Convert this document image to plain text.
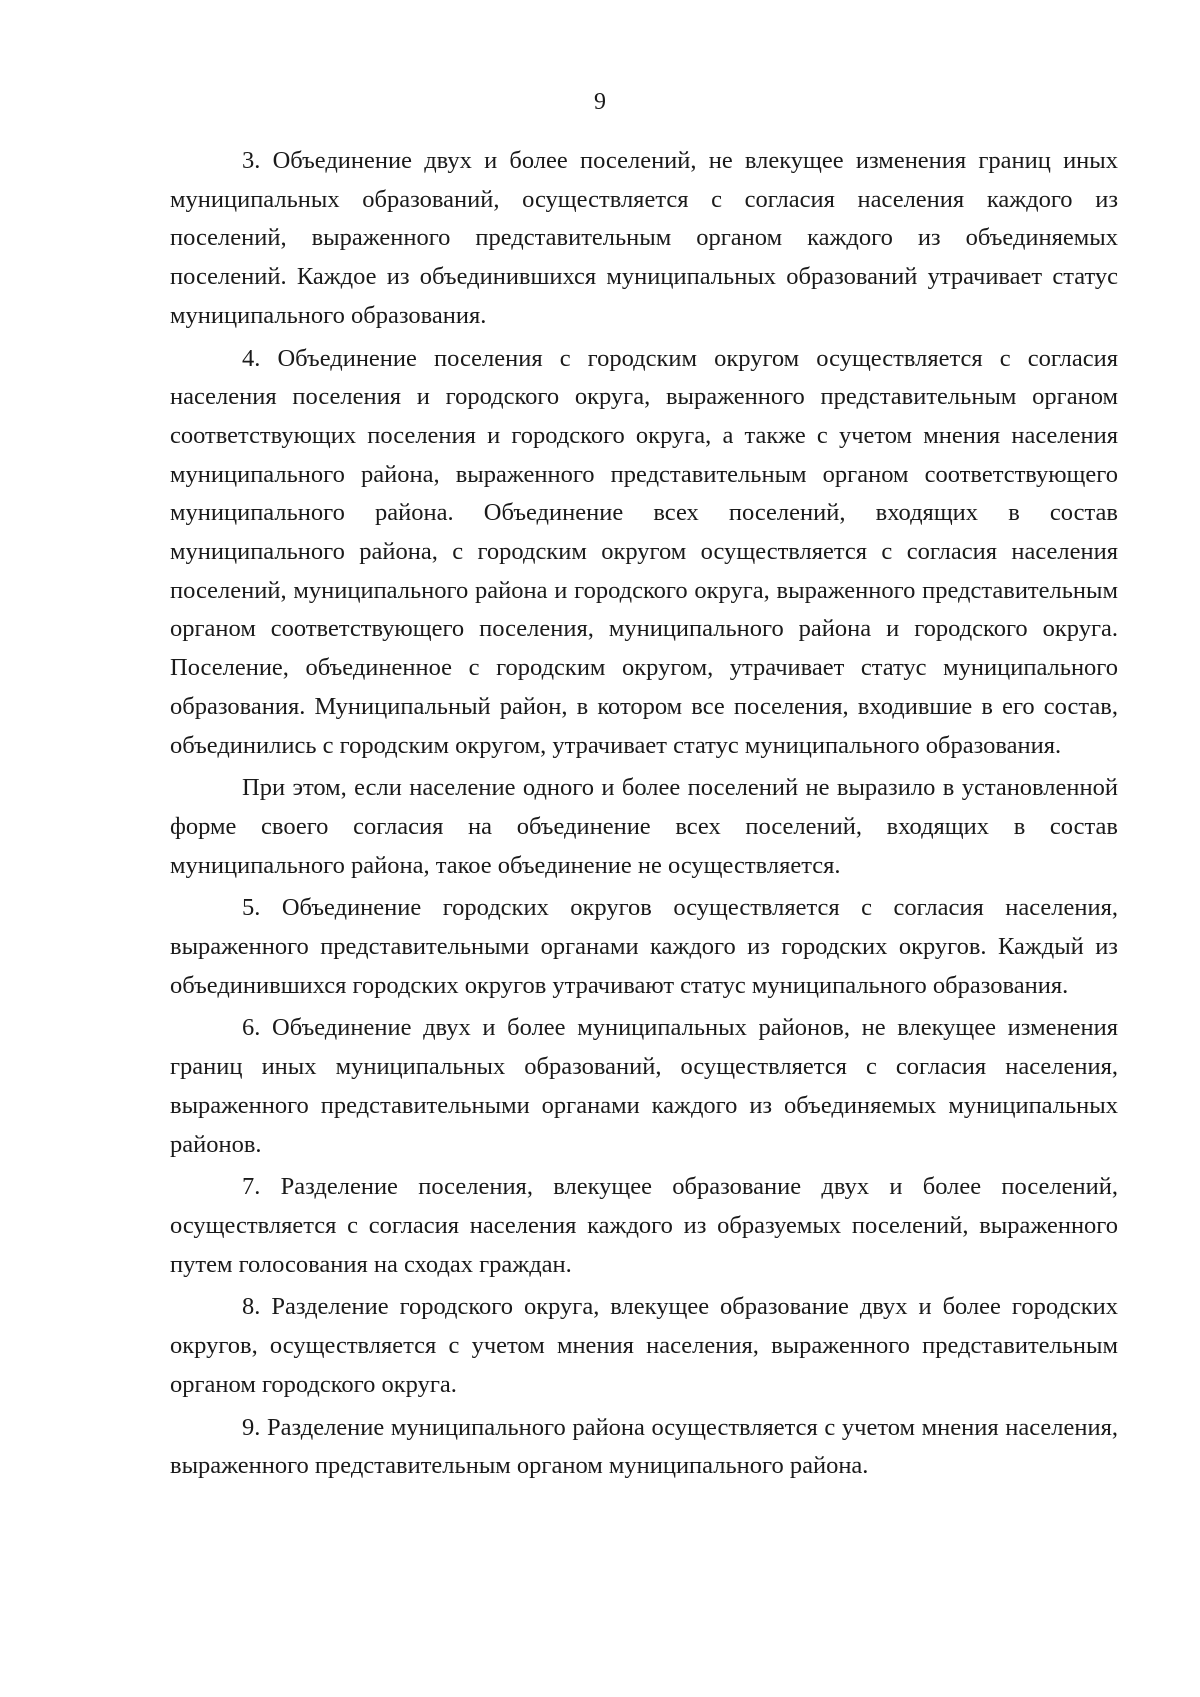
9

3. Объединение двух и более поселений, не влекущее изменения границ иных муниципальных образований, осуществляется с согласия населения каждого из поселений, выраженного представительным органом каждого из объединяемых поселений. Каждое из объединившихся муниципальных образований утрачивает статус муниципального образования.

4. Объединение поселения с городским округом осуществляется с согласия населения поселения и городского округа, выраженного представительным органом соответствующих поселения и городского округа, а также с учетом мнения населения муниципального района, выраженного представительным органом соответствующего муниципального района. Объединение всех поселений, входящих в состав муниципального района, с городским округом осуществляется с согласия населения поселений, муниципального района и городского округа, выраженного представительным органом соответствующего поселения, муниципального района и городского округа. Поселение, объединенное с городским округом, утрачивает статус муниципального образования. Муниципальный район, в котором все поселения, входившие в его состав, объединились с городским округом, утрачивает статус муниципального образования.

При этом, если население одного и более поселений не выразило в установленной форме своего согласия на объединение всех поселений, входящих в состав муниципального района, такое объединение не осуществляется.

5. Объединение городских округов осуществляется с согласия населения, выраженного представительными органами каждого из городских округов. Каждый из объединившихся городских округов утрачивают статус муниципального образования.

6. Объединение двух и более муниципальных районов, не влекущее изменения границ иных муниципальных образований, осуществляется с согласия населения, выраженного представительными органами каждого из объединяемых муниципальных районов.

7. Разделение поселения, влекущее образование двух и более поселений, осуществляется с согласия населения каждого из образуемых поселений, выраженного путем голосования на сходах граждан.

8. Разделение городского округа, влекущее образование двух и более городских округов, осуществляется с учетом мнения населения, выраженного представительным органом городского округа.

9. Разделение муниципального района осуществляется с учетом мнения населения, выраженного представительным органом муниципального района.
